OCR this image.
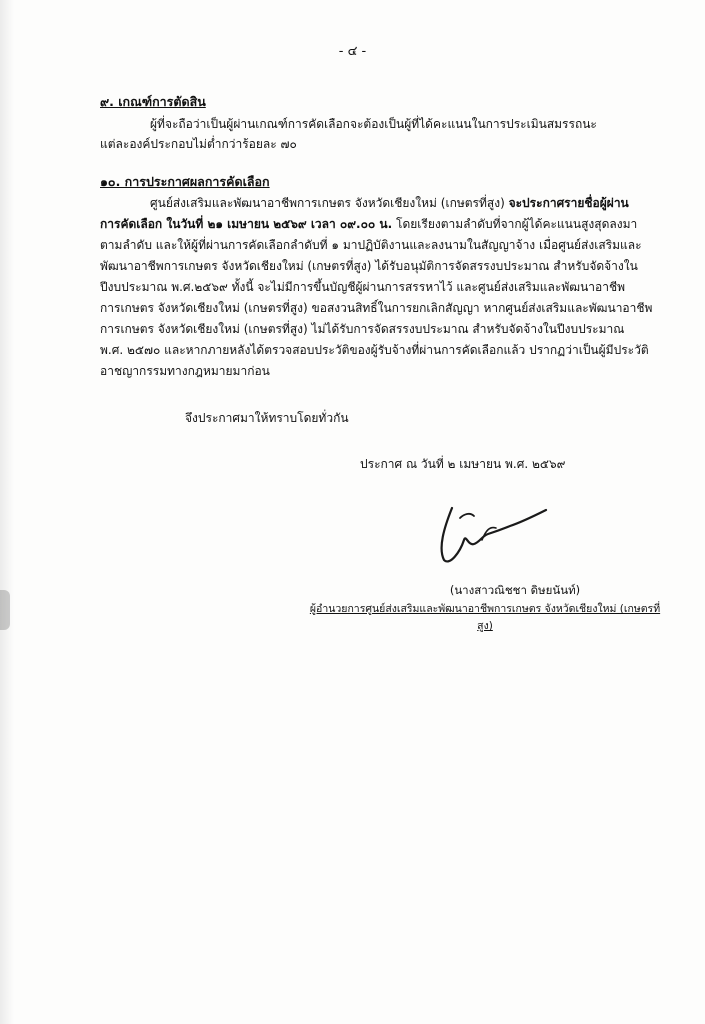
- ๔ -
๙. เกณฑ์การตัดสิน
ผู้ที่จะถือว่าเป็นผู้ผ่านเกณฑ์การคัดเลือกจะต้องเป็นผู้ที่ได้คะแนนในการประเมินสมรรถนะ
แต่ละองค์ประกอบไม่ต่ำกว่าร้อยละ ๗๐
๑๐. การประกาศผลการคัดเลือก
ศูนย์ส่งเสริมและพัฒนาอาชีพการเกษตร จังหวัดเชียงใหม่ (เกษตรที่สูง) จะประกาศรายชื่อผู้ผ่าน
การคัดเลือก ในวันที่ ๒๑ เมษายน ๒๕๖๙ เวลา ๐๙.๐๐ น. โดยเรียงตามลำดับที่จากผู้ได้คะแนนสูงสุดลงมา
ตามลำดับ และให้ผู้ที่ผ่านการคัดเลือกลำดับที่ ๑ มาปฏิบัติงานและลงนามในสัญญาจ้าง เมื่อศูนย์ส่งเสริมและ
พัฒนาอาชีพการเกษตร จังหวัดเชียงใหม่ (เกษตรที่สูง) ได้รับอนุมัติการจัดสรรงบประมาณ สำหรับจัดจ้างใน
ปีงบประมาณ พ.ศ.๒๕๖๙ ทั้งนี้ จะไม่มีการขึ้นบัญชีผู้ผ่านการสรรหาไว้ และศูนย์ส่งเสริมและพัฒนาอาชีพ
การเกษตร จังหวัดเชียงใหม่ (เกษตรที่สูง) ขอสงวนสิทธิ์ในการยกเลิกสัญญา หากศูนย์ส่งเสริมและพัฒนาอาชีพ
การเกษตร จังหวัดเชียงใหม่ (เกษตรที่สูง) ไม่ได้รับการจัดสรรงบประมาณ สำหรับจัดจ้างในปีงบประมาณ
พ.ศ. ๒๕๗๐ และหากภายหลังได้ตรวจสอบประวัติของผู้รับจ้างที่ผ่านการคัดเลือกแล้ว ปรากฏว่าเป็นผู้มีประวัติ
อาชญากรรมทางกฎหมายมาก่อน
จึงประกาศมาให้ทราบโดยทั่วกัน
ประกาศ ณ วันที่ ๒ เมษายน พ.ศ. ๒๕๖๙
(นางสาวณิชชา ดิษยนันท์)
ผู้อำนวยการศูนย์ส่งเสริมและพัฒนาอาชีพการเกษตร จังหวัดเชียงใหม่ (เกษตรที่สูง)
